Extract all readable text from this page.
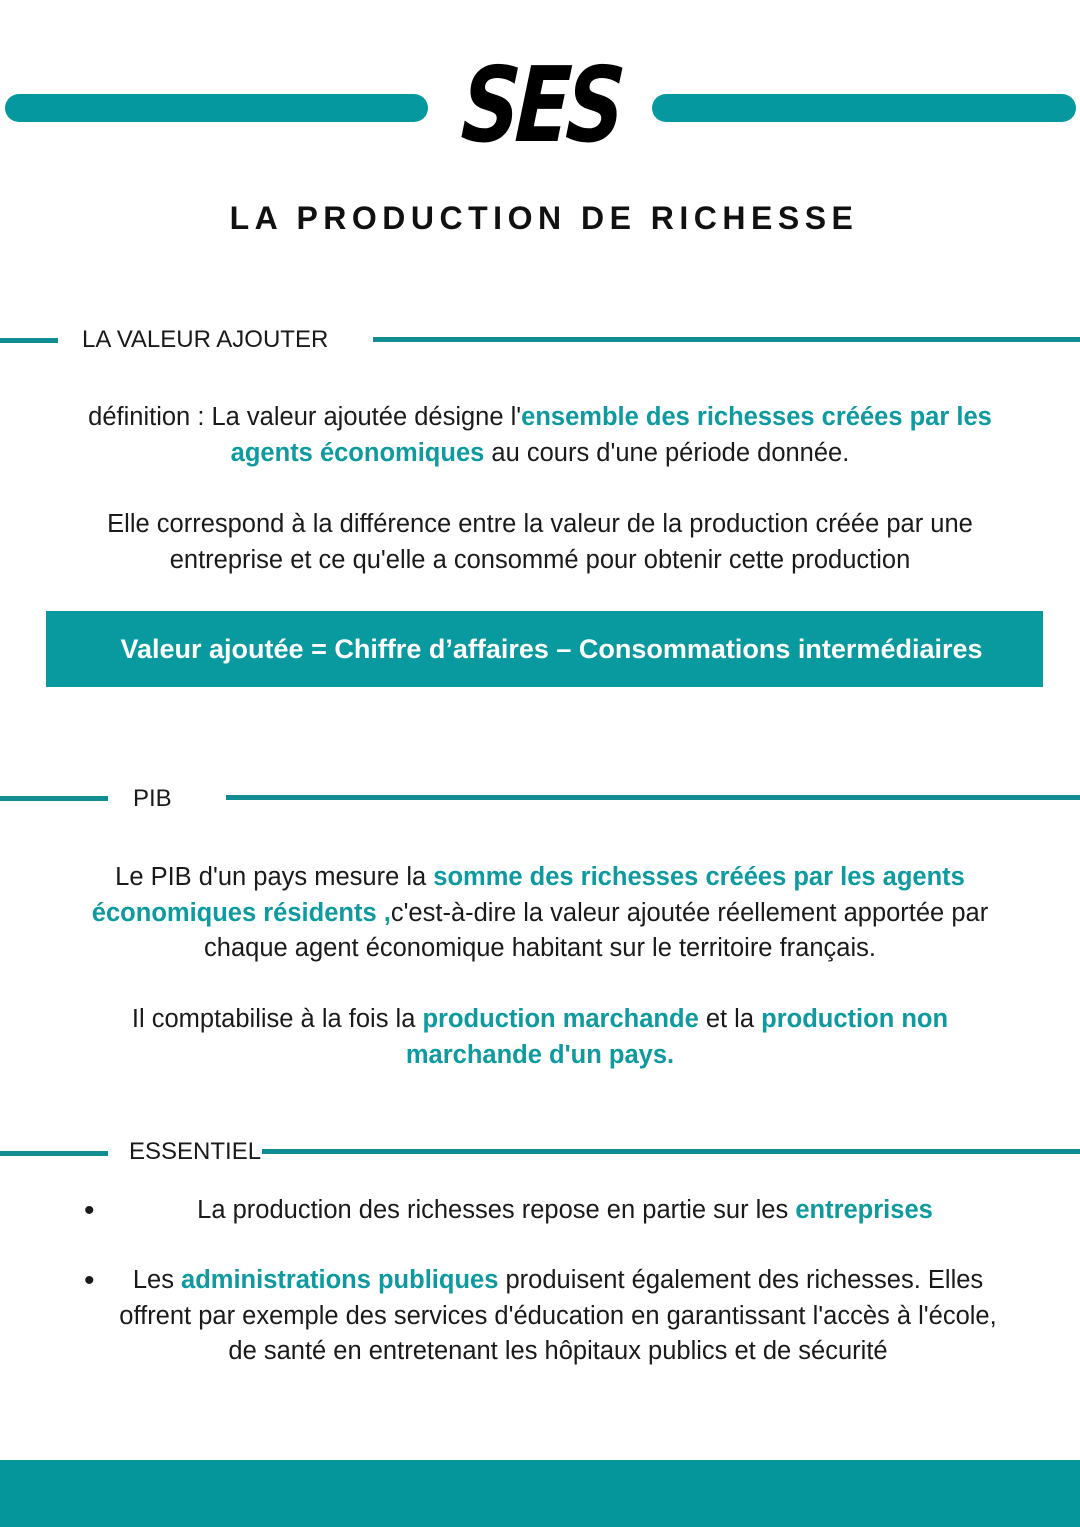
SES
LA PRODUCTION DE RICHESSE
LA VALEUR AJOUTER
définition : La valeur ajoutée désigne l'ensemble des richesses créées par les agents économiques au cours d'une période donnée.
Elle correspond à la différence entre la valeur de la production créée par une entreprise et ce qu'elle a consommé pour obtenir cette production
Valeur ajoutée = Chiffre d’affaires – Consommations intermédiaires
PIB
Le PIB d'un pays mesure la somme des richesses créées par les agents économiques résidents ,c'est-à-dire la valeur ajoutée réellement apportée par chaque agent économique habitant sur le territoire français.
Il comptabilise à la fois la production marchande et la production non marchande d'un pays.
ESSENTIEL
•	La production des richesses repose en partie sur les entreprises
•	Les administrations publiques produisent également des richesses. Elles offrent par exemple des services d'éducation en garantissant l'accès à l'école, de santé en entretenant les hôpitaux publics et de sécurité
